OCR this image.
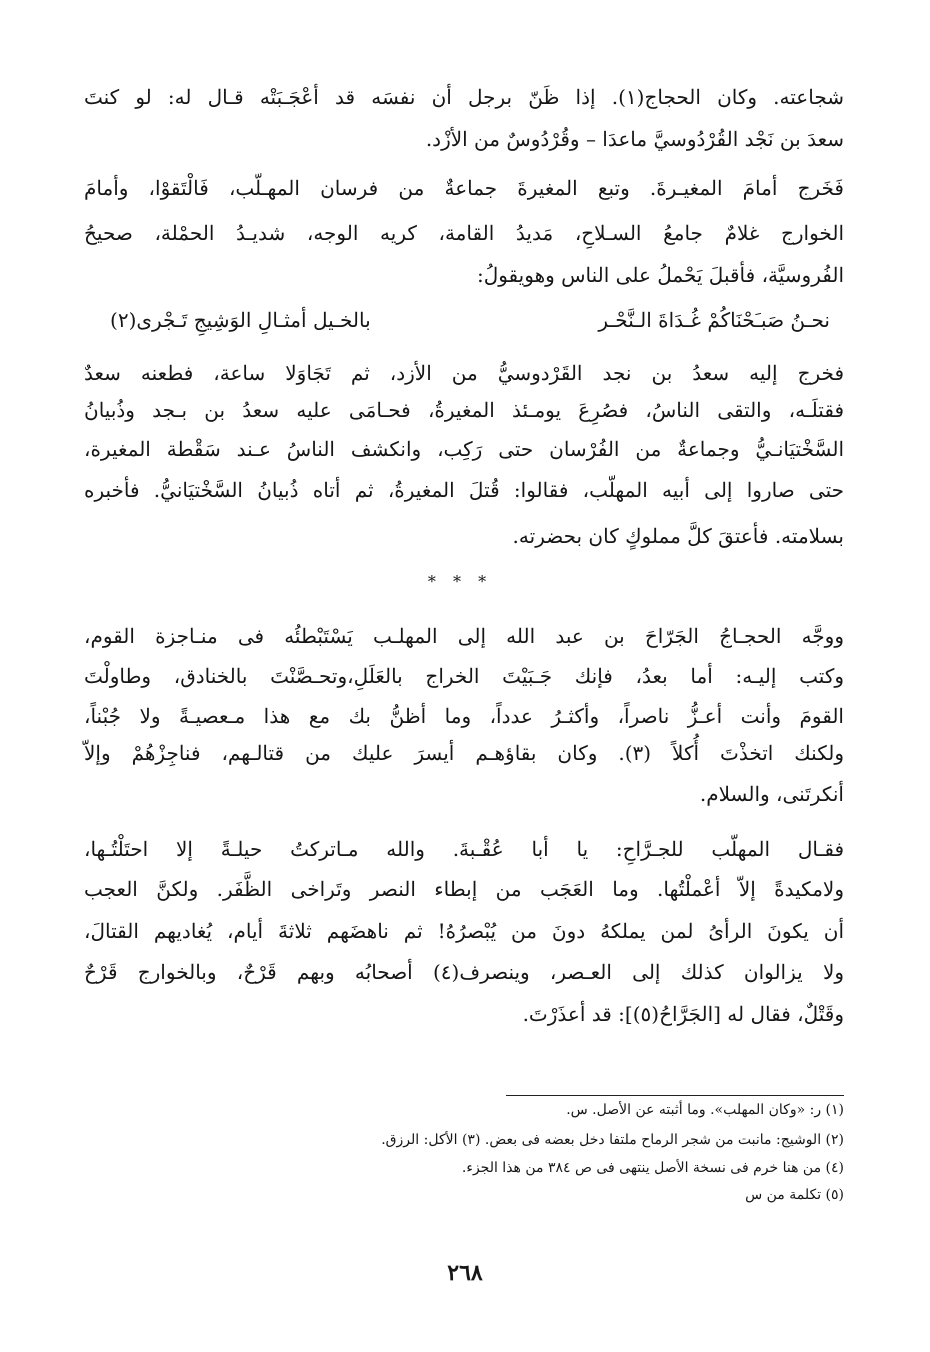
شجاعته. وكان الحجاج(١). إذا ظَنّ برجل أن نفسَه قد أعْجَـبَتْه قـال له: لو كنتَ
سعدَ بن نَجْد القُرْدُوسيَّ ماعدَا – وقُرْدُوسٌ من الأزْد.
فَخَرج أمامَ المغيـرةَ. وتبع المغيرةَ جماعةٌ من فرسان المهـلّب، فَالْتَقوْا، وأمامَ
الخوارج غلامٌ جامعُ السـلاحِ، مَديدُ القامة، كريه الوجه، شديـدُ الحمْلة، صحيحُ
الفُروسيَّة، فأقبلَ يَحْملُ على الناس وهويقولُ:
نحـنُ صَبـَحْنَاكُمْ غُـدَاةَ الـنَّحْـر
بالخـيل أمثـالِ الوَشِيجِ تَـجْرى(٢)
فخرج إليه سعدُ بن نجد القَرْدوسيُّ من الأزد، ثم تَجَاوَلا ساعة، فطعنه سعدٌ
فقتلَـه، والتقى الناسُ، فصُرِعَ يومـئذ المغيرةُ، فحـامَى عليه سعدُ بن بـجد وذُبيانُ
السَّخْتيَانـيُّ وجماعةٌ من الفُرْسان حتى رَكِب، وانكشف الناسُ عـند سَقْطة المغيرة،
حتى صاروا إلى أبيه المهلّب، فقالوا: قُتلَ المغيرةُ، ثم أتاه ذُبيانُ السَّخْتيَانيُّ. فأخبره
بسلامته. فأعتقَ كلَّ مملوكٍ كان بحضرته.
* * *
ووجَّه الحجـاجُ الجَرّاحَ بن عبد الله إلى المهلـب يَسْتَبْطئُه فى منـاجزة القوم،
وكتب إليـه: أما بعدُ، فإنك جَـبَيْتَ الخراج بالعَلَلِ،وتحـصَّنْتَ بالخنادق، وطاولْتَ
القومَ وأنت أعـزُّ ناصراً، وأكثـرُ عدداً، وما أظنُّ بك مع هذا مـعصيـةً ولا جُبْناً،
ولكنك اتخذْتَ أُكلاً (٣). وكان بقاؤهـم أيسرَ عليك من قتالـهم، فناجِزْهُمْ وإلاّ
أنكرتَنى، والسلام.
فقـال المهلّب للجـرَّاحِ: يا أبا عُقْـبةَ. والله مـاتركتُ حيلـةً إلا احتَلْتُـها،
ولامكيدةً إلاّ أعْملْتُها. وما العَجَب من إبطاء النصر وتَراخى الظَّفَر. ولكنَّ العجب
أن يكونَ الرأىُ لمن يملكهُ دونَ من يُبْصرُهُ! ثم ناهضَهم ثلاثةَ أيام، يُغاديهم القتالَ،
ولا يزالوان كذلك إلى العـصر، وينصرف(٤) أصحابُه وبهم قَرْحٌ، وبالخوارج قَرْحٌ
وقَتْلٌ، فقال له [الجَرَّاحُ(٥)]: قد أعذَرْتَ.
(١) ر: «وكان المهلب». وما أثبته عن الأصل. س.
(٢) الوشيج: مانبت من شجر الرماح ملتفا دخل بعضه فى بعض. (٣) الأكل: الرزق.
(٤) من هنا خرم فى نسخة الأصل ينتهى فى ص ٣٨٤ من هذا الجزء.
(٥) تكلمة من س
٢٦٨
